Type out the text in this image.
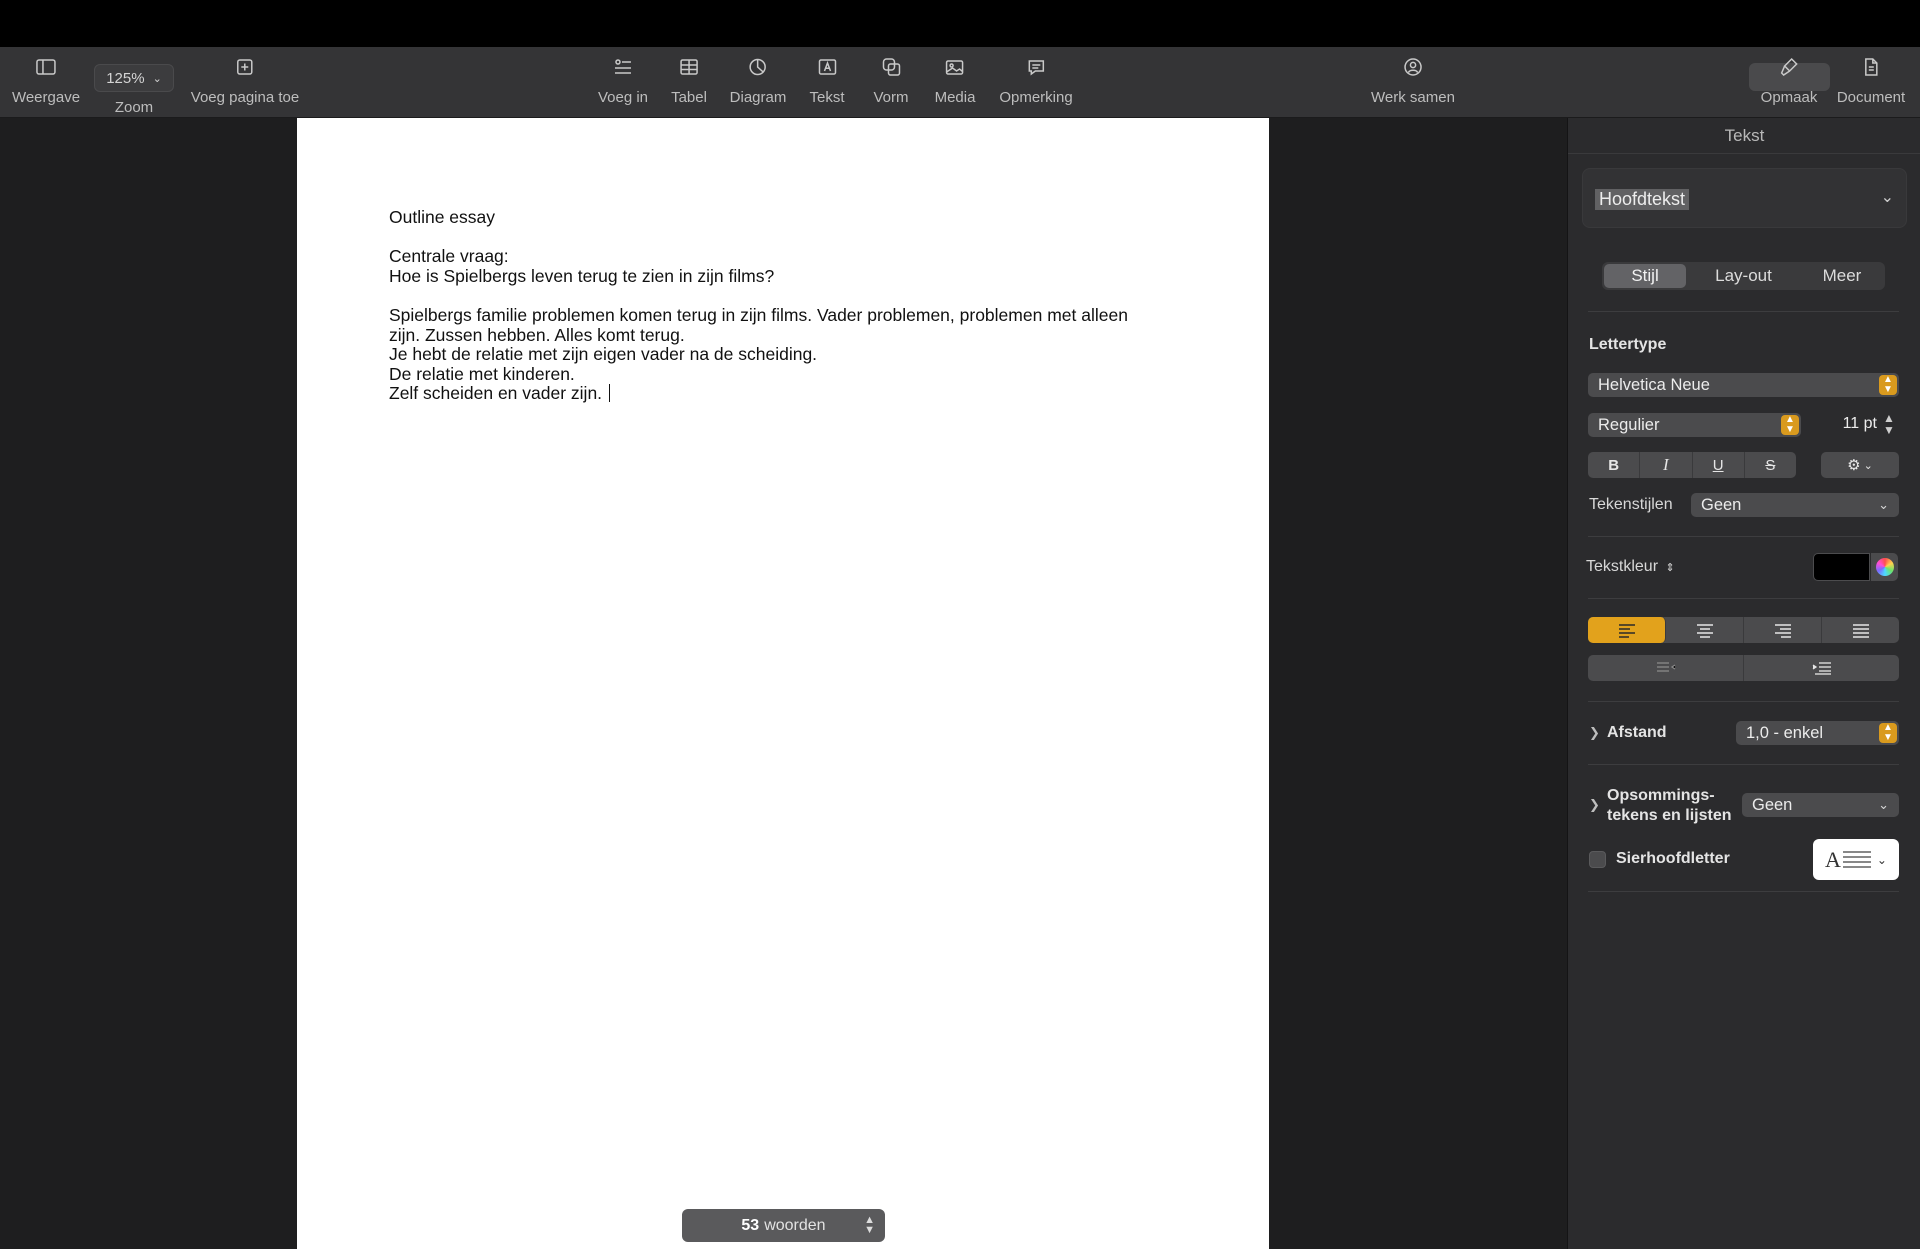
Weergave
125% ⌄
Zoom
Voeg pagina toe	Voeg in Tabel Diagram Tekst Vorm Media Opmerking	Werk samen	Opmaak Document
Outline essay
Centrale vraag:
Hoe is Spielbergs leven terug te zien in zijn films?
Spielbergs familie problemen komen terug in zijn films. Vader problemen, problemen met alleen
zijn. Zussen hebben. Alles komt terug.
Je hebt de relatie met zijn eigen vader na de scheiding.
De relatie met kinderen.
Zelf scheiden en vader zijn.
53 woorden	▲
▼
Tekst
Hoofdtekst	⌄
Stijl	Lay-out	Meer
Lettertype
Helvetica Neue	▲
▼
Regulier	▲
▼	11 pt ▲
▼
B	I	U	S	⚙ ⌄
Tekenstijlen	Geen	⌄
Tekstkleur ⇕
❯ Afstand	1,0 - enkel	▲
▼
❯
Opsommings-
tekens en lijsten
Geen	⌄
Sierhoofdletter	A	⌄
